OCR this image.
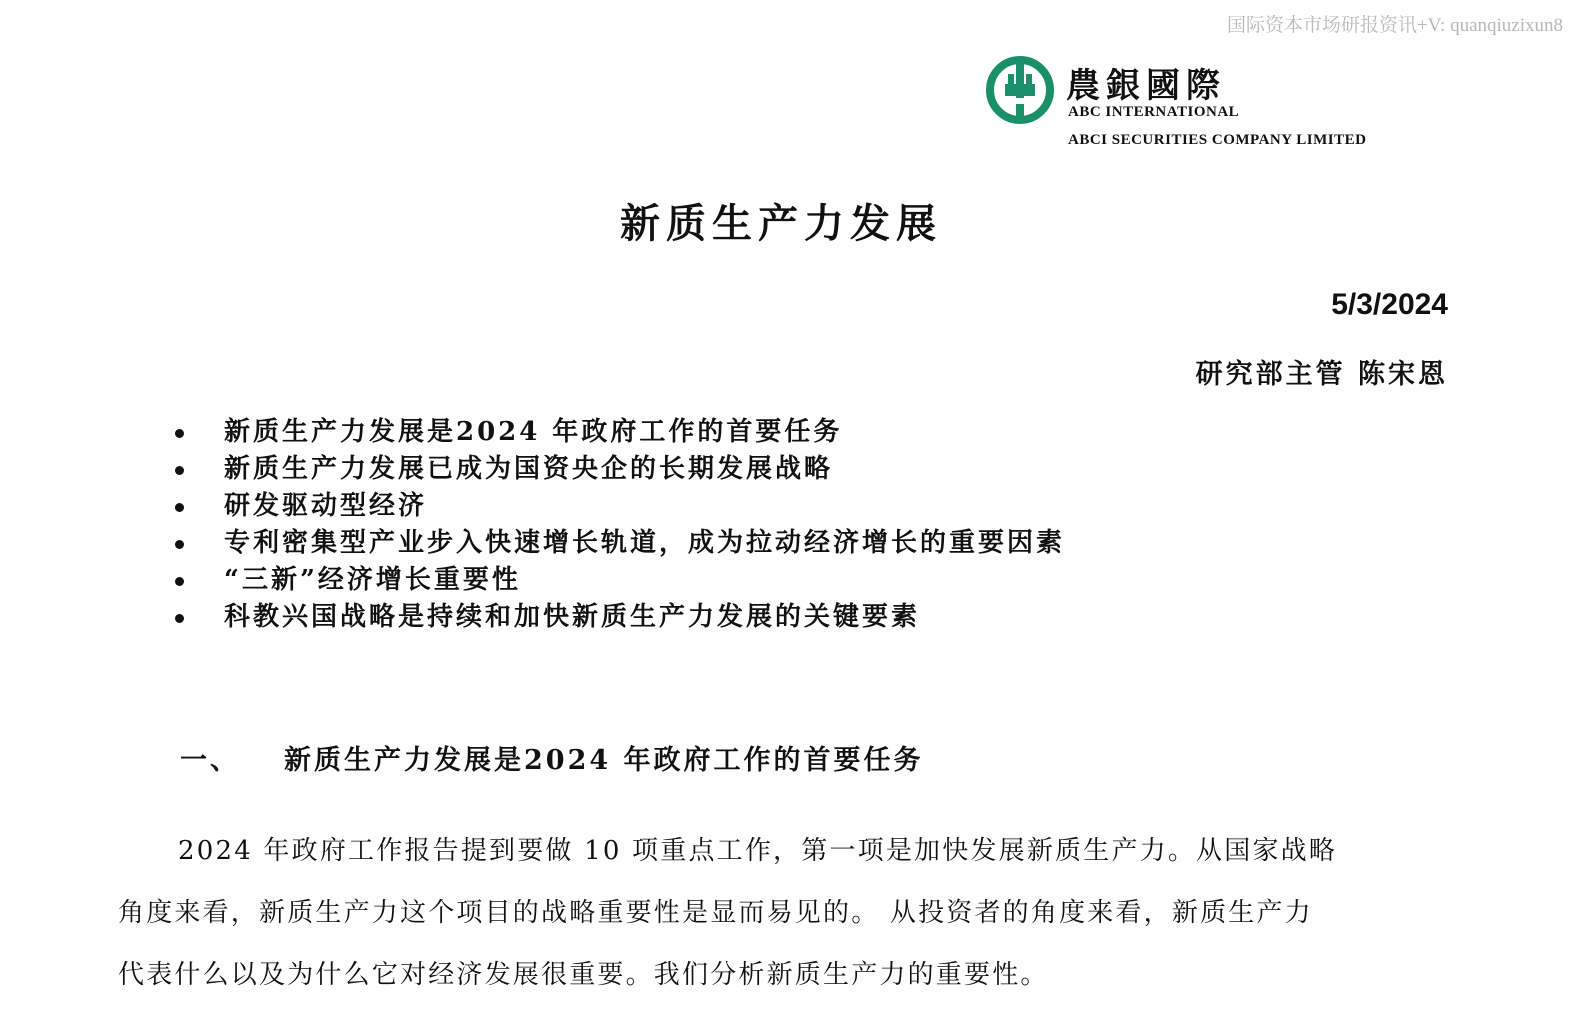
国际资本市场研报资讯+V: quanqiuzixun8
農銀國際
ABC INTERNATIONAL
ABCI SECURITIES COMPANY LIMITED
新质生产力发展
5/3/2024
研究部主管 陈宋恩
新质生产力发展是2024 年政府工作的首要任务
新质生产力发展已成为国资央企的长期发展战略
研发驱动型经济
专利密集型产业步入快速增长轨道，成为拉动经济增长的重要因素
“三新”经济增长重要性
科教兴国战略是持续和加快新质生产力发展的关键要素
一、 新质生产力发展是2024 年政府工作的首要任务
2024 年政府工作报告提到要做 10 项重点工作，第一项是加快发展新质生产力。从国家战略
角度来看，新质生产力这个项目的战略重要性是显而易见的。 从投资者的角度来看，新质生产力
代表什么以及为什么它对经济发展很重要。我们分析新质生产力的重要性。
